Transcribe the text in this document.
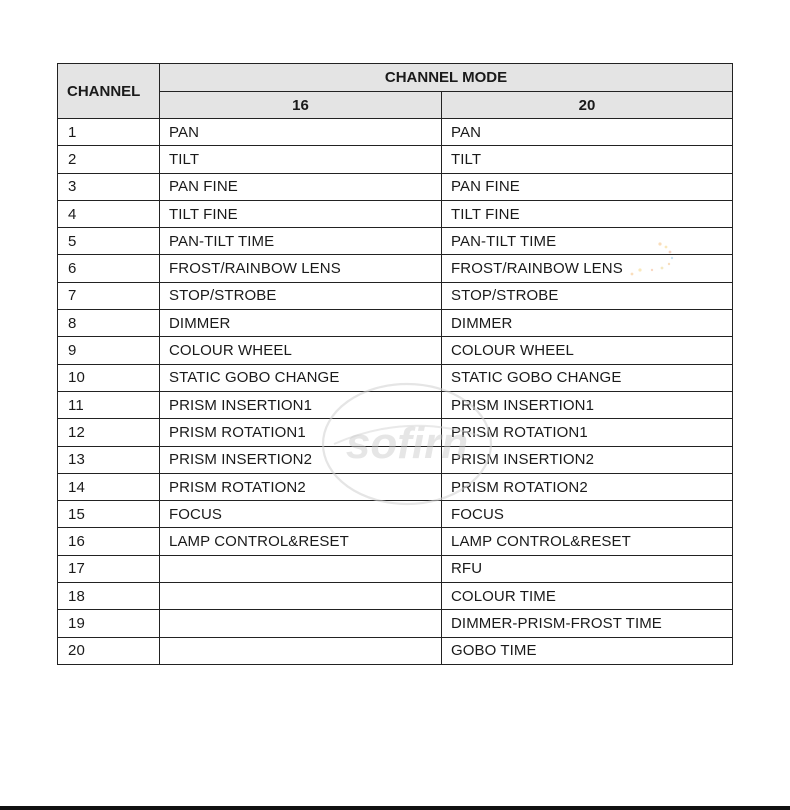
CHANNEL	CHANNEL MODE	
	16	20
1	PAN	PAN
2	TILT	TILT
3	PAN FINE	PAN FINE
4	TILT FINE	TILT FINE
5	PAN-TILT TIME	PAN-TILT TIME
6	FROST/RAINBOW LENS	FROST/RAINBOW LENS
7	STOP/STROBE	STOP/STROBE
8	DIMMER	DIMMER
9	COLOUR WHEEL	COLOUR WHEEL
10	STATIC GOBO CHANGE	STATIC GOBO CHANGE
11	PRISM INSERTION1	PRISM INSERTION1
12	PRISM ROTATION1	PRISM ROTATION1
13	PRISM INSERTION2	PRISM INSERTION2
14	PRISM ROTATION2	PRISM ROTATION2
15	FOCUS	FOCUS
16	LAMP CONTROL&RESET	LAMP CONTROL&RESET
17		RFU
18		COLOUR TIME
19		DIMMER-PRISM-FROST TIME
20		GOBO TIME
sofirn
